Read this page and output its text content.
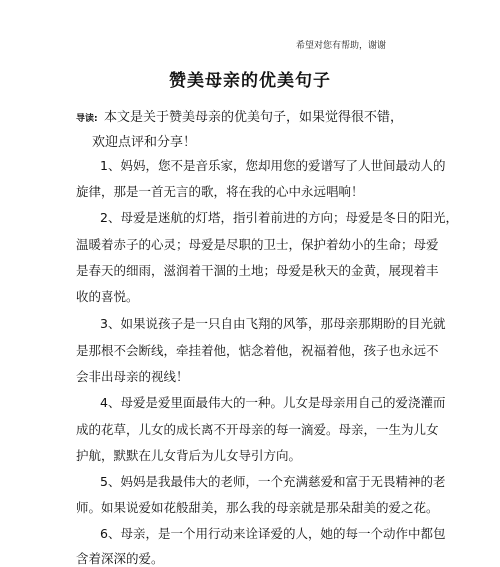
希望对您有帮助，谢谢
赞美母亲的优美句子
导读: 本文是关于赞美母亲的优美句子，如果觉得很不错，
欢迎点评和分享！
1、妈妈，您不是音乐家，您却用您的爱谱写了人世间最动人的
旋律，那是一首无言的歌，将在我的心中永远唱响！
2、母爱是迷航的灯塔，指引着前进的方向；母爱是冬日的阳光，
温暖着赤子的心灵；母爱是尽职的卫士，保护着幼小的生命；母爱
是春天的细雨，滋润着干涸的土地；母爱是秋天的金黄，展现着丰
收的喜悦。
3、如果说孩子是一只自由飞翔的风筝，那母亲那期盼的目光就
是那根不会断线，牵挂着他，惦念着他，祝福着他，孩子也永远不
会非出母亲的视线！
4、母爱是爱里面最伟大的一种。儿女是母亲用自己的爱浇灌而
成的花草，儿女的成长离不开母亲的每一滴爱。母亲，一生为儿女
护航，默默在儿女背后为儿女导引方向。
5、妈妈是我最伟大的老师，一个充满慈爱和富于无畏精神的老
师。如果说爱如花般甜美，那么我的母亲就是那朵甜美的爱之花。
6、母亲，是一个用行动来诠译爱的人，她的每一个动作中都包
含着深深的爱。
